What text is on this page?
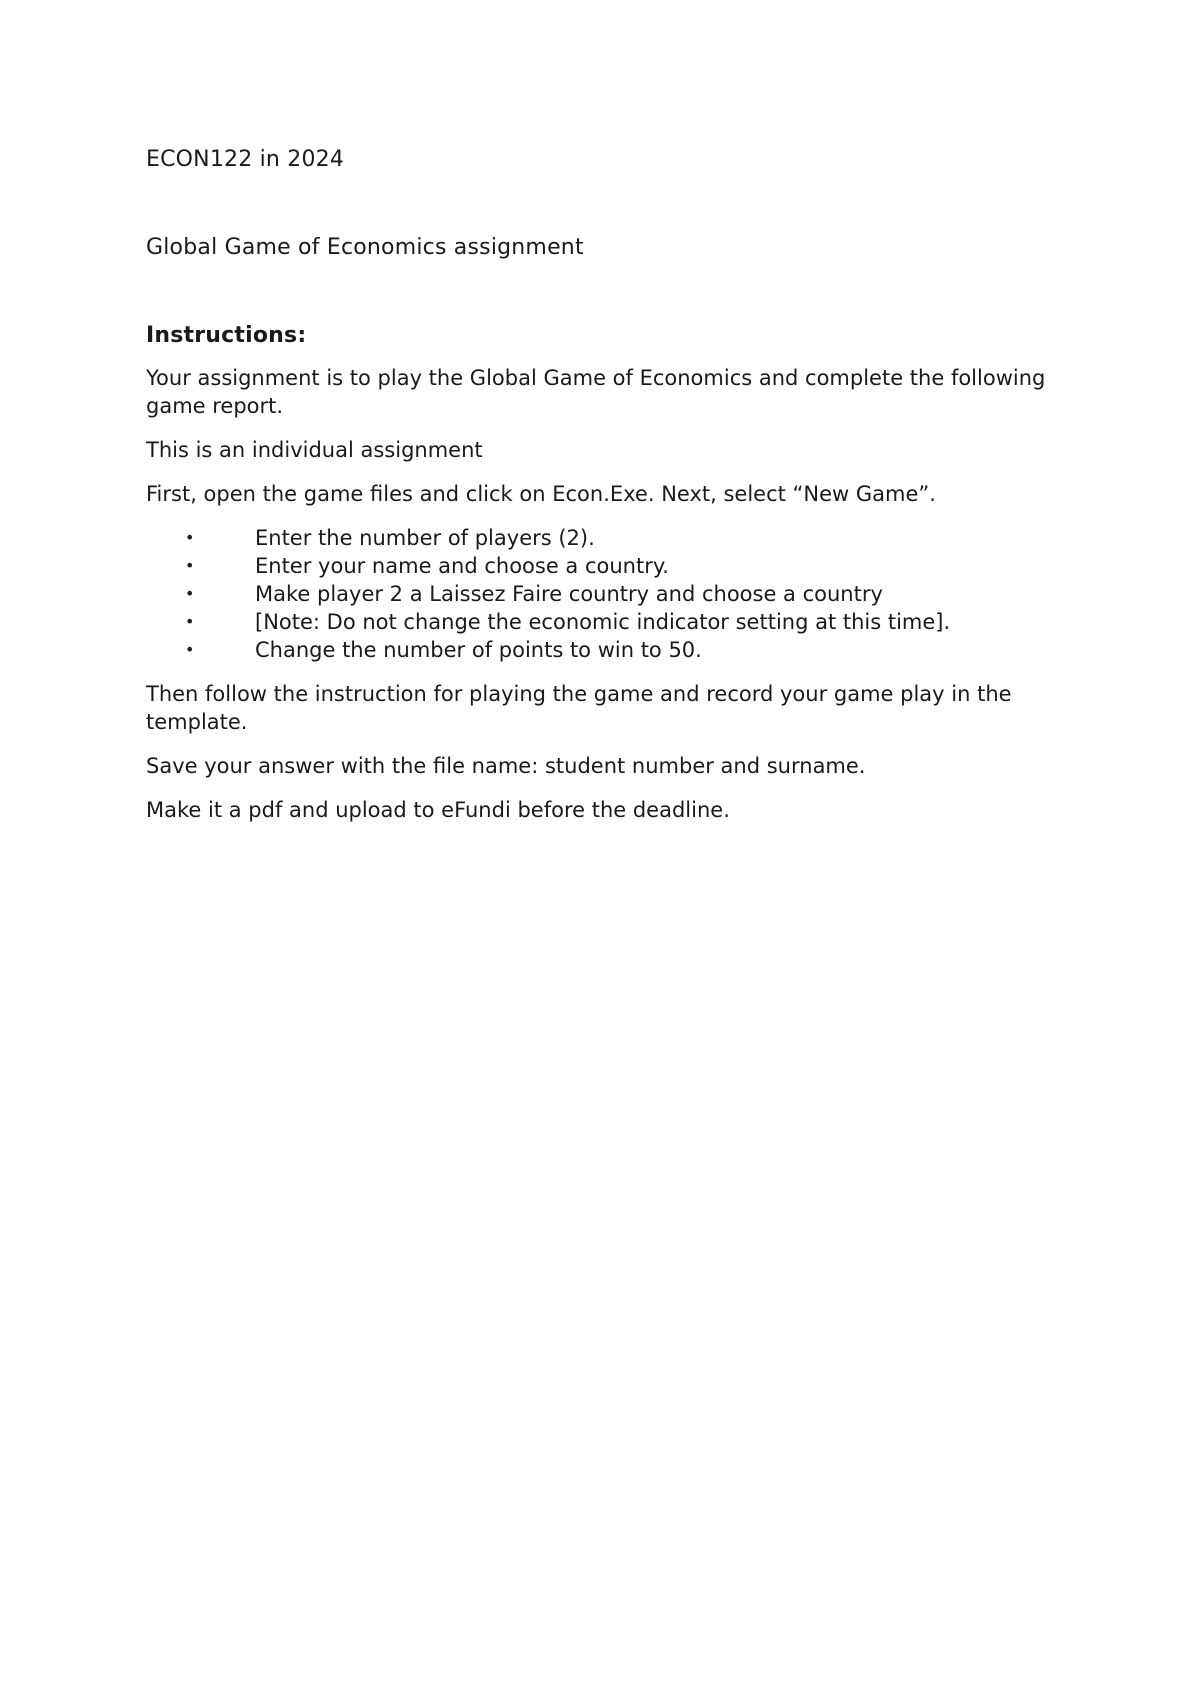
ECON122 in 2024

Global Game of Economics assignment

Instructions:

Your assignment is to play the Global Game of Economics and complete the following game report.

This is an individual assignment

First, open the game files and click on Econ.Exe. Next, select “New Game”.

•	Enter the number of players (2).
•	Enter your name and choose a country.
•	Make player 2 a Laissez Faire country and choose a country
•	[Note: Do not change the economic indicator setting at this time].
•	Change the number of points to win to 50.

Then follow the instruction for playing the game and record your game play in the template.

Save your answer with the file name: student number and surname.

Make it a pdf and upload to eFundi before the deadline.
